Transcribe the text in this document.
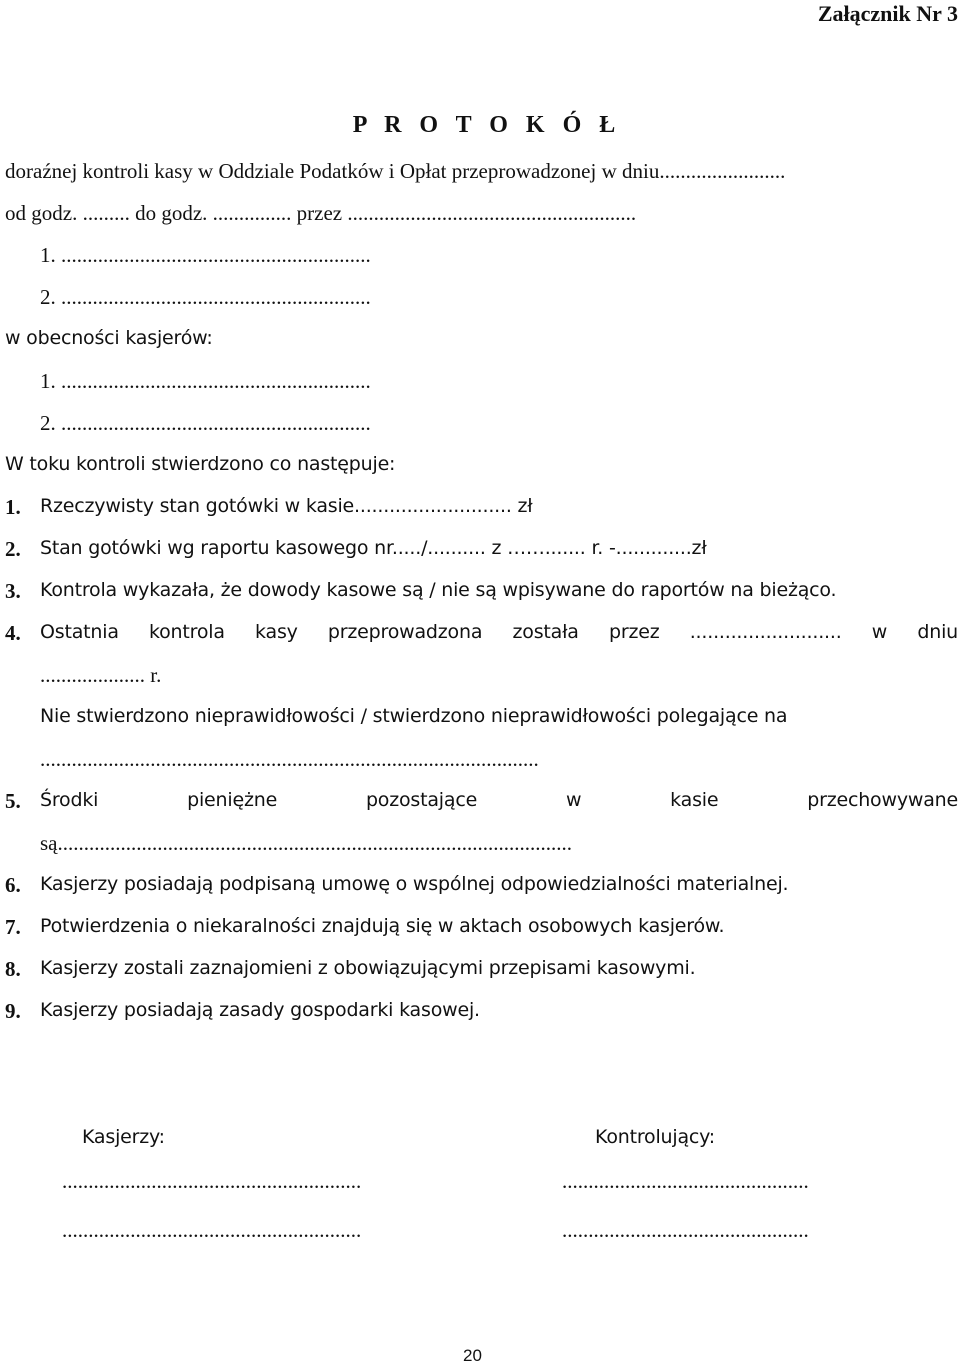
Załącznik Nr 3
P R O T O K Ó Ł
doraźnej kontroli kasy w Oddziale Podatków i Opłat przeprowadzonej w dniu........................
od godz. ......... do godz. ............... przez .......................................................
1. ...........................................................
2. ...........................................................
w obecności kasjerów:
1. ...........................................................
2. ...........................................................
W toku kontroli stwierdzono co następuje:
1. Rzeczywisty stan gotówki w kasie........................... zł
2. Stan gotówki wg raportu kasowego nr...../.......... z ……....... r. -.............zł
3. Kontrola wykazała, że dowody kasowe są / nie są wpisywane do raportów na bieżąco.
4. Ostatnia kontrola kasy przeprowadzona została przez .......................... w dniu
.................... r.
Nie stwierdzono nieprawidłowości / stwierdzono nieprawidłowości polegające na
...............................................................................................
5. Środki	pieniężne	pozostające	w	kasie	przechowywane
są..................................................................................................
6. Kasjerzy posiadają podpisaną umowę o wspólnej odpowiedzialności materialnej.
7. Potwierdzenia o niekaralności znajdują się w aktach osobowych kasjerów.
8. Kasjerzy zostali zaznajomieni z obowiązującymi przepisami kasowymi.
9. Kasjerzy posiadają zasady gospodarki kasowej.
Kasjerzy:	Kontrolujący:
.........................................................	...............................................
.........................................................	...............................................
20
